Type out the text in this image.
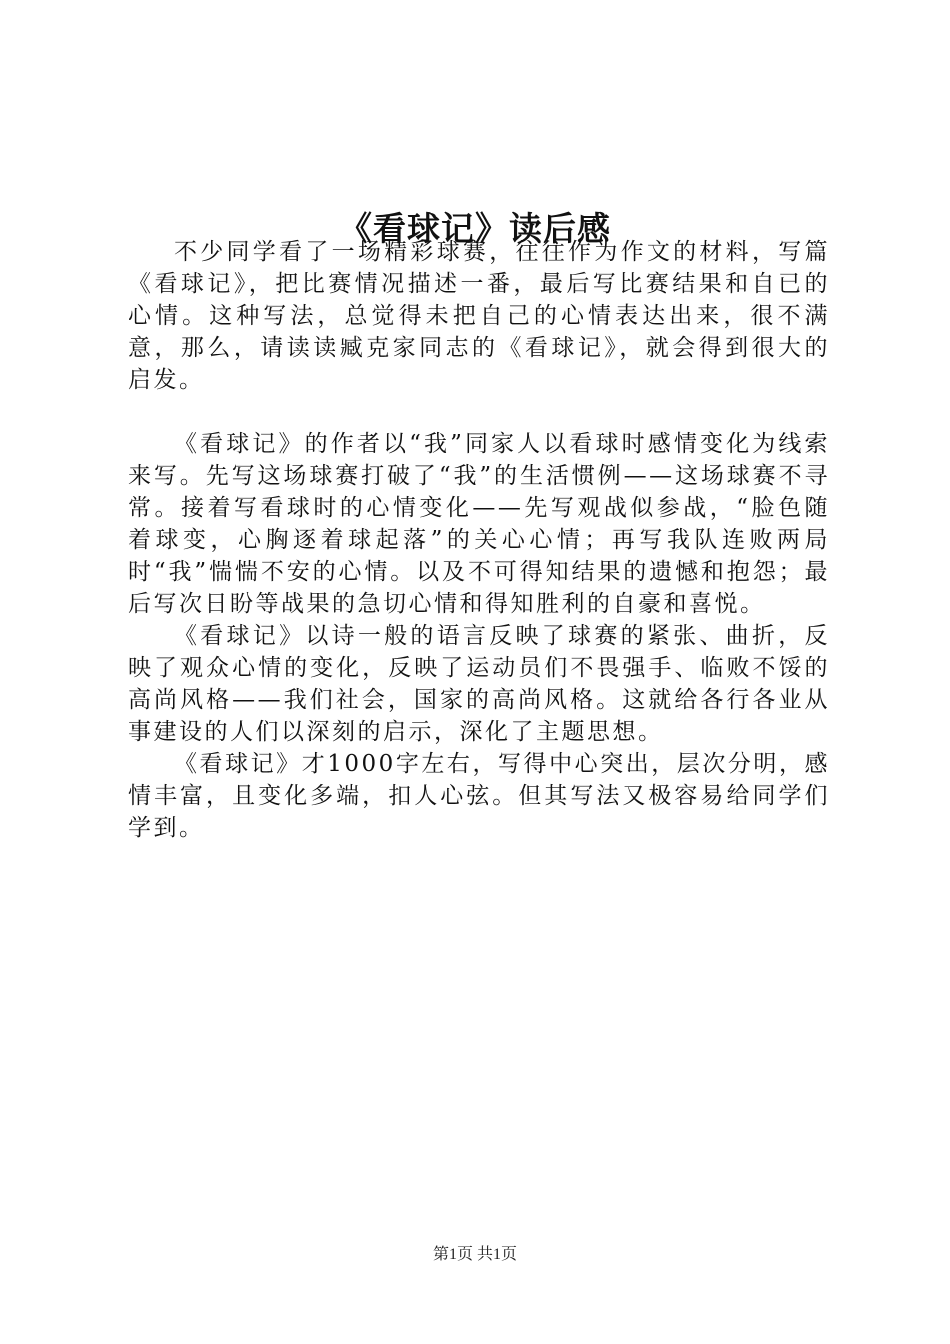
《看球记》读后感

不少同学看了一场精彩球赛，往往作为作文的材料，写篇《看球记》，把比赛情况描述一番，最后写比赛结果和自已的心情。这种写法，总觉得未把自己的心情表达出来，很不满意，那么，请读读臧克家同志的《看球记》，就会得到很大的启发。

《看球记》的作者以“我”同家人以看球时感情变化为线索来写。先写这场球赛打破了“我”的生活惯例——这场球赛不寻常。接着写看球时的心情变化——先写观战似参战，“脸色随着球变，心胸逐着球起落”的关心心情；再写我队连败两局时“我”惴惴不安的心情。以及不可得知结果的遗憾和抱怨；最后写次日盼等战果的急切心情和得知胜利的自豪和喜悦。

《看球记》以诗一般的语言反映了球赛的紧张、曲折，反映了观众心情的变化，反映了运动员们不畏强手、临败不馁的高尚风格——我们社会，国家的高尚风格。这就给各行各业从事建设的人们以深刻的启示，深化了主题思想。

《看球记》才1000字左右，写得中心突出，层次分明，感情丰富，且变化多端，扣人心弦。但其写法又极容易给同学们学到。

第1页 共1页
